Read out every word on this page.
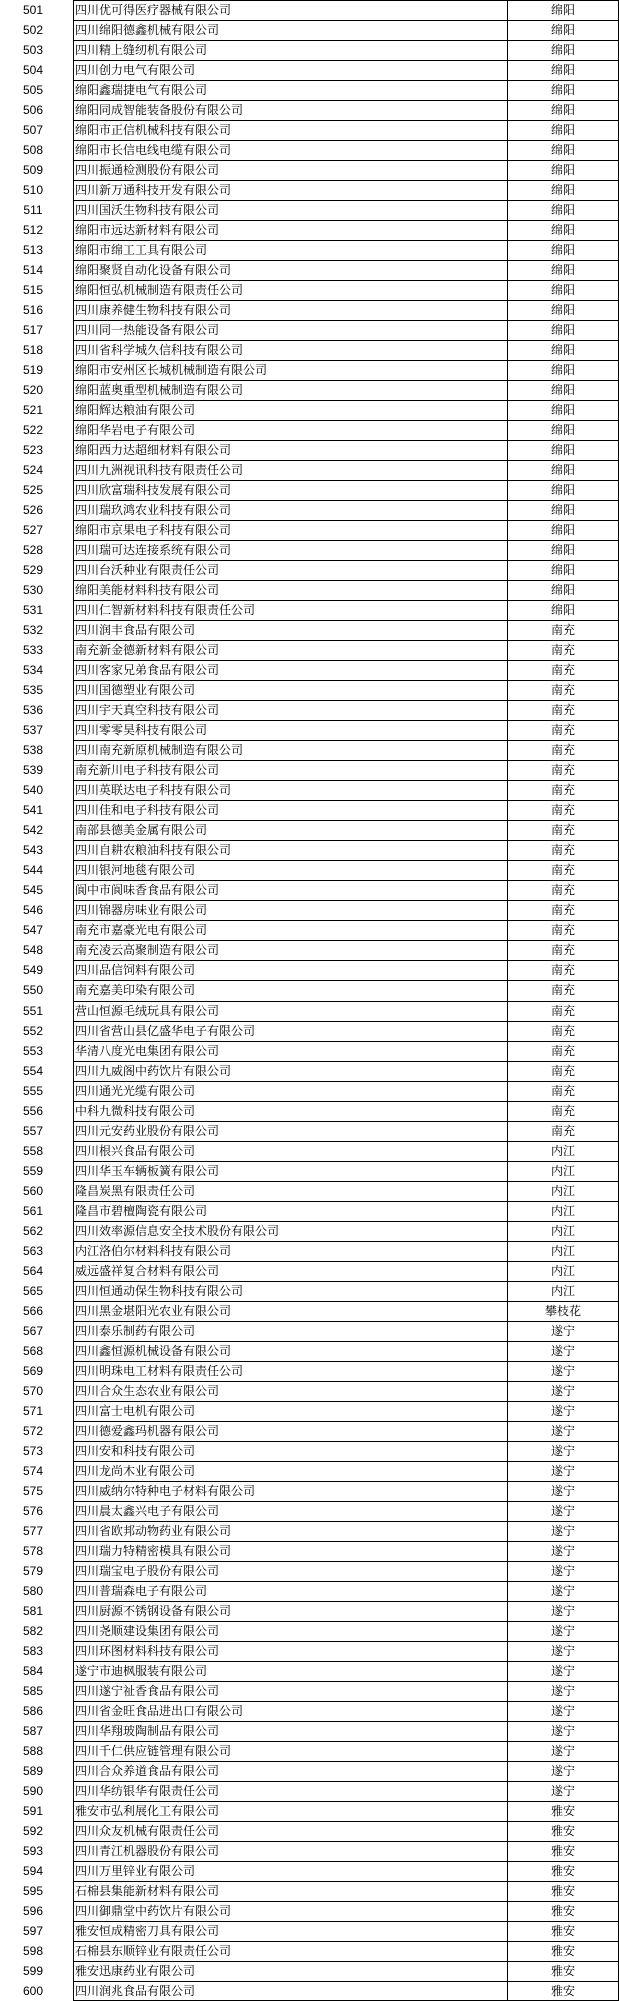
501	四川优可得医疗器械有限公司	绵阳
502	四川绵阳德鑫机械有限公司	绵阳
503	四川精上缝纫机有限公司	绵阳
504	四川创力电气有限公司	绵阳
505	绵阳鑫瑞捷电气有限公司	绵阳
506	绵阳同成智能装备股份有限公司	绵阳
507	绵阳市正信机械科技有限公司	绵阳
508	绵阳市长信电线电缆有限公司	绵阳
509	四川振通检测股份有限公司	绵阳
510	四川新万通科技开发有限公司	绵阳
511	四川国沃生物科技有限公司	绵阳
512	绵阳市远达新材料有限公司	绵阳
513	绵阳市绵工工具有限公司	绵阳
514	绵阳聚贤自动化设备有限公司	绵阳
515	绵阳恒弘机械制造有限责任公司	绵阳
516	四川康养健生物科技有限公司	绵阳
517	四川同一热能设备有限公司	绵阳
518	四川省科学城久信科技有限公司	绵阳
519	绵阳市安州区长城机械制造有限公司	绵阳
520	绵阳蓝奥重型机械制造有限公司	绵阳
521	绵阳辉达粮油有限公司	绵阳
522	绵阳华岩电子有限公司	绵阳
523	绵阳西力达超细材料有限公司	绵阳
524	四川九洲视讯科技有限责任公司	绵阳
525	四川欣富瑞科技发展有限公司	绵阳
526	四川瑞玖鸿农业科技有限公司	绵阳
527	绵阳市京果电子科技有限公司	绵阳
528	四川瑞可达连接系统有限公司	绵阳
529	四川台沃种业有限责任公司	绵阳
530	绵阳美能材料科技有限公司	绵阳
531	四川仁智新材料科技有限责任公司	绵阳
532	四川润丰食品有限公司	南充
533	南充新金德新材料有限公司	南充
534	四川客家兄弟食品有限公司	南充
535	四川国德塑业有限公司	南充
536	四川宇天真空科技有限公司	南充
537	四川零零昊科技有限公司	南充
538	四川南充新原机械制造有限公司	南充
539	南充新川电子科技有限公司	南充
540	四川英联达电子科技有限公司	南充
541	四川佳和电子科技有限公司	南充
542	南部县德美金属有限公司	南充
543	四川自耕农粮油科技有限公司	南充
544	四川银河地毯有限公司	南充
545	阆中市阆味香食品有限公司	南充
546	四川锦器房味业有限公司	南充
547	南充市嘉豪光电有限公司	南充
548	南充凌云高聚制造有限公司	南充
549	四川品信饲料有限公司	南充
550	南充嘉美印染有限公司	南充
551	营山恒源毛绒玩具有限公司	南充
552	四川省营山县亿盛华电子有限公司	南充
553	华清八度光电集团有限公司	南充
554	四川九威阁中药饮片有限公司	南充
555	四川通光光缆有限公司	南充
556	中科九微科技有限公司	南充
557	四川元安药业股份有限公司	南充
558	四川根兴食品有限公司	内江
559	四川华玉车辆板簧有限公司	内江
560	隆昌炭黑有限责任公司	内江
561	隆昌市碧檀陶瓷有限公司	内江
562	四川效率源信息安全技术股份有限公司	内江
563	内江洛伯尔材料科技有限公司	内江
564	威远盛祥复合材料有限公司	内江
565	四川恒通动保生物科技有限公司	内江
566	四川黑金堪阳光农业有限公司	攀枝花
567	四川泰乐制药有限公司	遂宁
568	四川鑫恒源机械设备有限公司	遂宁
569	四川明珠电工材料有限责任公司	遂宁
570	四川合众生态农业有限公司	遂宁
571	四川富士电机有限公司	遂宁
572	四川德爱鑫玛机器有限公司	遂宁
573	四川安和科技有限公司	遂宁
574	四川龙尚木业有限公司	遂宁
575	四川威纳尔特种电子材料有限公司	遂宁
576	四川晨太鑫兴电子有限公司	遂宁
577	四川省欧邦动物药业有限公司	遂宁
578	四川瑞力特精密模具有限公司	遂宁
579	四川瑞宝电子股份有限公司	遂宁
580	四川普瑞森电子有限公司	遂宁
581	四川厨源不锈钢设备有限公司	遂宁
582	四川尧顺建设集团有限公司	遂宁
583	四川环图材料科技有限公司	遂宁
584	遂宁市迪枫服装有限公司	遂宁
585	四川遂宁祉香食品有限公司	遂宁
586	四川省金旺食品进出口有限公司	遂宁
587	四川华翔玻陶制品有限公司	遂宁
588	四川千仁供应链管理有限公司	遂宁
589	四川合众养道食品有限公司	遂宁
590	四川华纺银华有限责任公司	遂宁
591	雅安市弘利展化工有限公司	雅安
592	四川众友机械有限责任公司	雅安
593	四川青江机器股份有限公司	雅安
594	四川万里锌业有限公司	雅安
595	石棉县集能新材料有限公司	雅安
596	四川御鼎堂中药饮片有限公司	雅安
597	雅安恒成精密刀具有限公司	雅安
598	石棉县东顺锌业有限责任公司	雅安
599	雅安迅康药业有限公司	雅安
600	四川润兆食品有限公司	雅安
